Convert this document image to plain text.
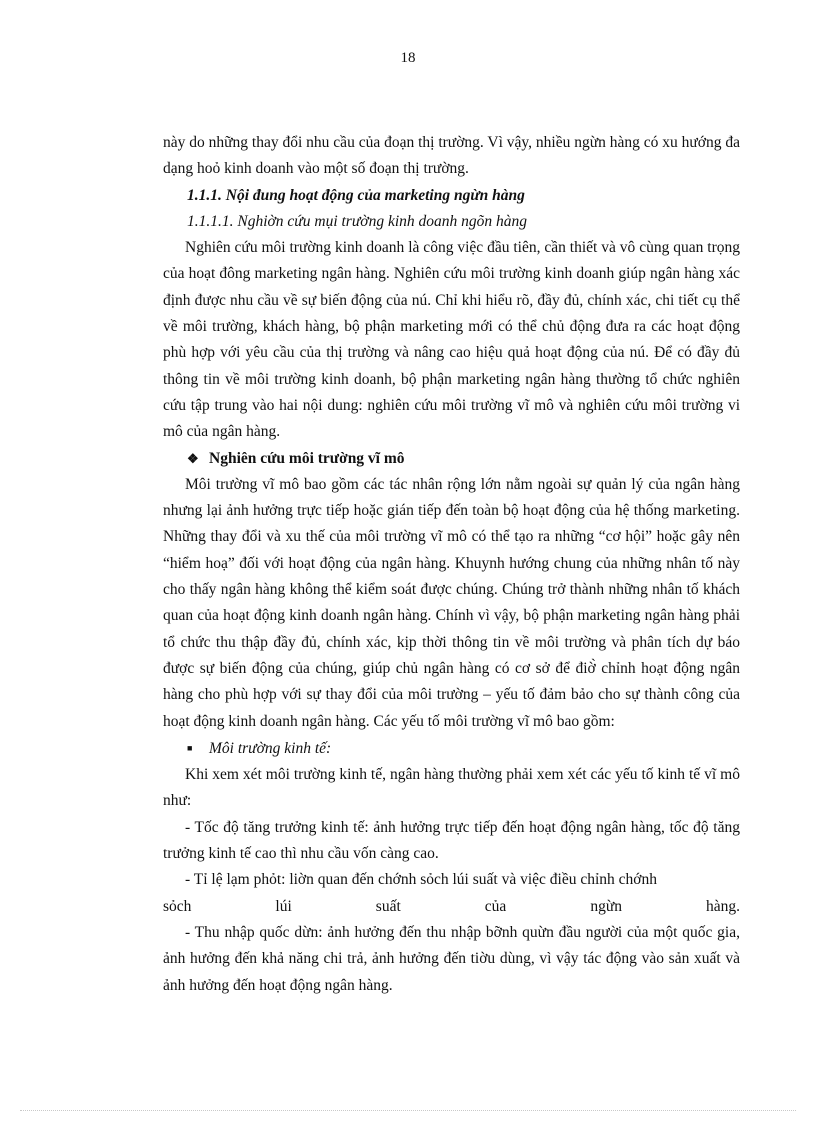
18

này do những thay đổi nhu cầu của đoạn thị trường. Vì vậy, nhiều ngừn hàng có xu hướng đa dạng hoỏ kinh doanh vào một số đoạn thị trường.

1.1.1. Nội đung hoạt động của marketing ngừn hàng

1.1.1.1. Nghiờn cứu mụi trường kinh doanh ngõn hàng

Nghiên cứu môi trường kinh doanh là công việc đầu tiên, cần thiết và vô cùng quan trọng của hoạt đông marketing ngân hàng. Nghiên cứu môi trường kinh doanh giúp ngân hàng xác định được nhu cầu về sự biến động của nú. Chỉ khi hiểu rõ, đầy đủ, chính xác, chi tiết cụ thể về môi trường, khách hàng, bộ phận marketing mới có thể chủ động đưa ra các hoạt động phù hợp với yêu cầu của thị trường và nâng cao hiệu quả hoạt động của nú. Để có đầy đủ thông tin về môi trường kinh doanh, bộ phận marketing ngân hàng thường tổ chức nghiên cứu tập trung vào hai nội dung: nghiên cứu môi trường vĩ mô và nghiên cứu môi trường vi mô của ngân hàng.

❖ Nghiên cứu môi trường vĩ mô

Môi trường vĩ mô bao gồm các tác nhân rộng lớn nằm ngoài sự quản lý của ngân hàng nhưng lại ảnh hưởng trực tiếp hoặc gián tiếp đến toàn bộ hoạt động của hệ thống marketing. Những thay đổi và xu thế của môi trường vĩ mô có thể tạo ra những “cơ hội” hoặc gây nên “hiểm hoạ” đối với hoạt động của ngân hàng. Khuynh hướng chung của những nhân tố này cho thấy ngân hàng không thể kiểm soát được chúng. Chúng trở thành những nhân tố khách quan của hoạt động kinh doanh ngân hàng. Chính vì vậy, bộ phận marketing ngân hàng phải tổ chức thu thập đầy đủ, chính xác, kịp thời thông tin về môi trường và phân tích dự báo được sự biến động của chúng, giúp chủ ngân hàng có cơ sở để điờ̀ chỉnh hoạt động ngân hàng cho phù hợp với sự thay đổi của môi trường – yếu tố đảm bảo cho sự thành công của hoạt động kinh doanh ngân hàng. Các yếu tố môi trường vĩ mô bao gồm:

■ Môi trường kinh tế:

Khi xem xét môi trường kinh tế, ngân hàng thường phải xem xét các yếu tố kinh tế vĩ mô như:

- Tốc độ tăng trưởng kinh tế: ảnh hưởng trực tiếp đến hoạt động ngân hàng, tốc độ tăng trưởng kinh tế cao thì nhu cầu vốn càng cao.

- Tỉ lệ lạm phỏt: liờn quan đến chớnh sỏch lúi suất và việc điều chỉnh chớnh

sỏch lúi suất của ngừn hàng.

- Thu nhập quốc dừn: ảnh hưởng đến thu nhập bỡnh quừn đầu người của một quốc gia, ảnh hưởng đến khả năng chi trả, ảnh hưởng đến tiờu dùng, vì vậy tác động vào sản xuất và ảnh hưởng đến hoạt động ngân hàng.
